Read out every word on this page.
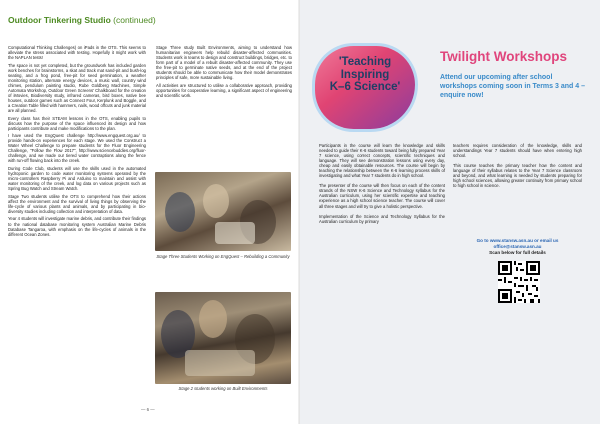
Outdoor Tinkering Studio (continued)

Computational Thinking Challenges) on iPads in the OTS. This seems to alleviate the stress associated with testing. Hopefully it might work with the NAPLAN tests!

The space is not yet completed, but the groundwork has included garden work benches for brainstorms, a skat and track mat sand-pit and bush-log seating, and a frog pond, free-pit for seed germination, a weather monitoring station, alternate energy devices, a music wall, country wind chimes, pendulum painting studio, Rube Goldberg Machines, Simple Automata Workshop, Outdoor Green Screens' Chalkboard for the creation of iMovies, Biodiversity study, infrared cameras, bird boxes, native bee houses, outdoor games such as Connect Four, Kerplunk and Boggle, and a Creation Table filled with hammers, nails, wood offcuts and junk material are all planned.

Every class has their STEAM lessons in the OTS, enabling pupils to discuss how the purpose of the space influenced its design and how participants contribute and make modifications to the plan.

I have used the EngQuest challenge http://www.engquest.org.au/ to provide hands-on experiences for each stage. We used the Construct a Water Wheel Challenge to prepare students for the Fluor Engineering Challenge, "Follow the Flow 2017", http://www.sciencebuddies.org/fluor-challenge, and we made our tiered water contraptions along the fence with run-off flowing back into the creek.

During Code Club, students will use the skills used in the automated hydroponic garden to code water monitoring systems operated by the micro-controllers Raspberry Pi and Arduino to maintain and assist with water monitoring of the creek, and log data on various projects such as Spring Bug Watch and Stream Watch.

Stage Two students utilise the OTS to comprehend how their actions affect the environment and the survival of living things by observing the life-cycle of various plants and animals, and by participating in bio-diversity studies including collection and interpretation of data.

Year 4 students will investigate marine debris, and contribute their findings to the national database monitoring system Australian Marine Debris Database Tangaroa, with emphasis on the life-cycles of animals in the different Ocean Zones.

Stage Three study Built Environments, aiming to understand how humanitarian engineers help rebuild disaster-affected communities. Students work in teams to design and construct buildings, bridges, etc. to form part of a model of a rebuilt disaster-affected community. They use the free-pit to germinate native seeds, and at the end of the project students should be able to communicate how their model demonstrates principles of safe, more sustainable living.

All activities are structured to utilise a collaborative approach, providing opportunities for cooperative learning, a significant aspect of engineering and scientific work.

Stage Three Students Working on EngQuest – Rebuilding a Community
Stage 2 students working on Built Environments
— 6 —
'Teaching
Inspiring
K–6 Science'
Twilight Workshops
Attend our upcoming after school workshops coming soon in Terms 3 and 4 – enquire now!

Participants in the course will learn the knowledge and skills needed to guide their K-6 students toward being fully prepared Year 7 science, using correct concepts, scientific techniques and language. They will see demonstration lessons using every day, cheap and easily obtainable resources. The course will begin by teaching the relationship between the K-6 learning process skills of investigating and what Year 7 students do in high school.

The presenter of the course will then focus on each of the content strands of the NSW K-6 Science and Technology syllabus for the Australian curriculum, using her scientific expertise and teaching experience as a high school science teacher. The course will cover all three stages and will try to give a holistic perspective.

Implementation of the Science and Technology Syllabus for the Australian curriculum by primary

teachers requires consideration of the knowledge, skills and understandings Year 7 students should have when entering high school.

This course teaches the primary teacher how the content and language of their syllabus relates to the Year 7 Science classroom and beyond, and what learning is needed by students preparing for high school sciences, allowing greater continuity from primary school to high school in science.

Go to www.stansw.asn.au or email us
office@stansw.asn.au
Scan below for full details
